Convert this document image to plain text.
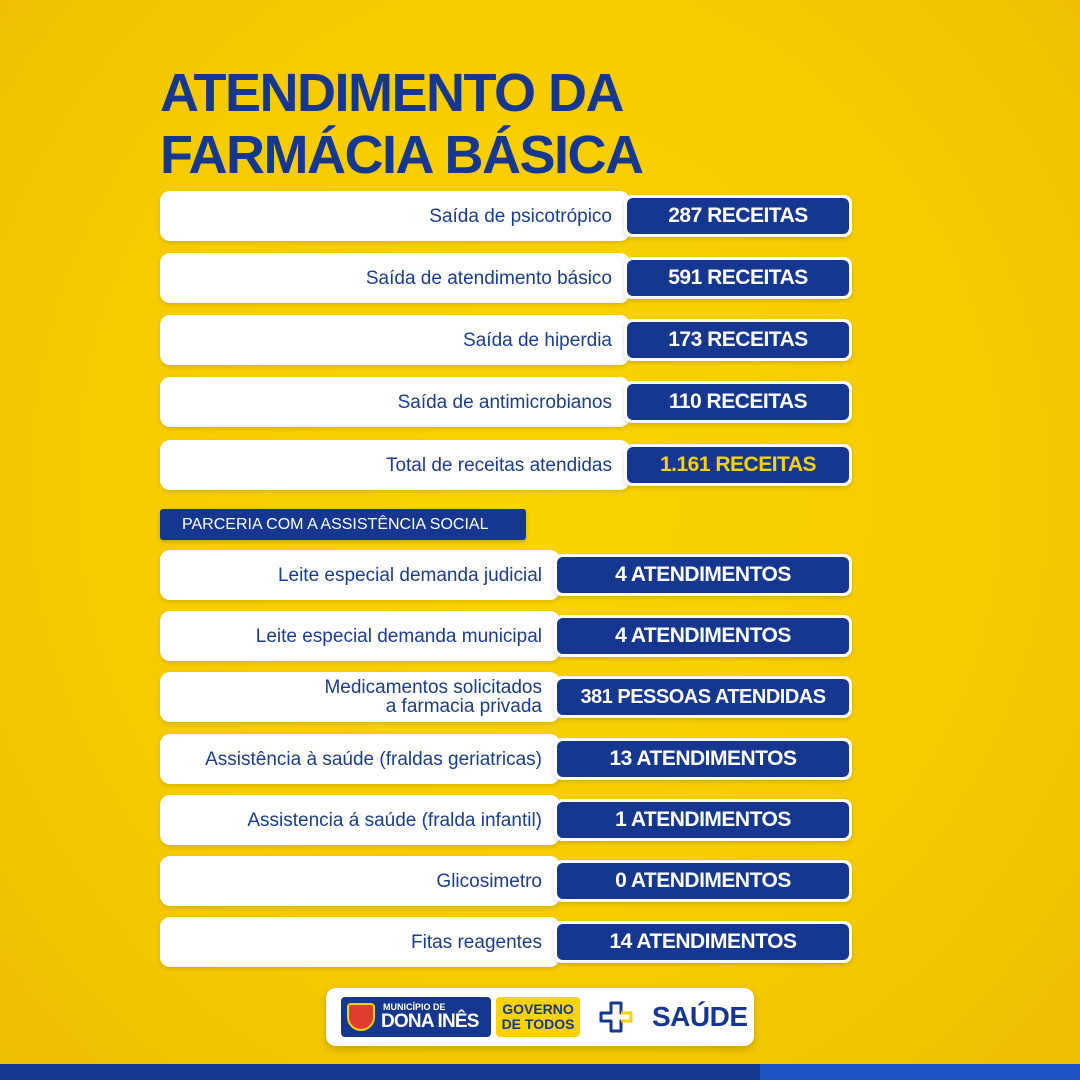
ATENDIMENTO DA
FARMÁCIA BÁSICA
Saída de psicotrópico	287 RECEITAS
Saída de atendimento básico	591 RECEITAS
Saída de hiperdia	173 RECEITAS
Saída de antimicrobianos	110 RECEITAS
Total de receitas atendidas	1.161 RECEITAS
PARCERIA COM A ASSISTÊNCIA SOCIAL
Leite especial demanda judicial	4 ATENDIMENTOS
Leite especial demanda municipal	4 ATENDIMENTOS
Medicamentos solicitados
a farmacia privada	381 PESSOAS ATENDIDAS
Assistência à saúde (fraldas geriatricas)	13 ATENDIMENTOS
Assistencia á saúde (fralda infantil)	1 ATENDIMENTOS
Glicosimetro	0 ATENDIMENTOS
Fitas reagentes	14 ATENDIMENTOS
MUNICÍPIO DE
DONA INÊS
GOVERNO
DE TODOS	SAÚDE
